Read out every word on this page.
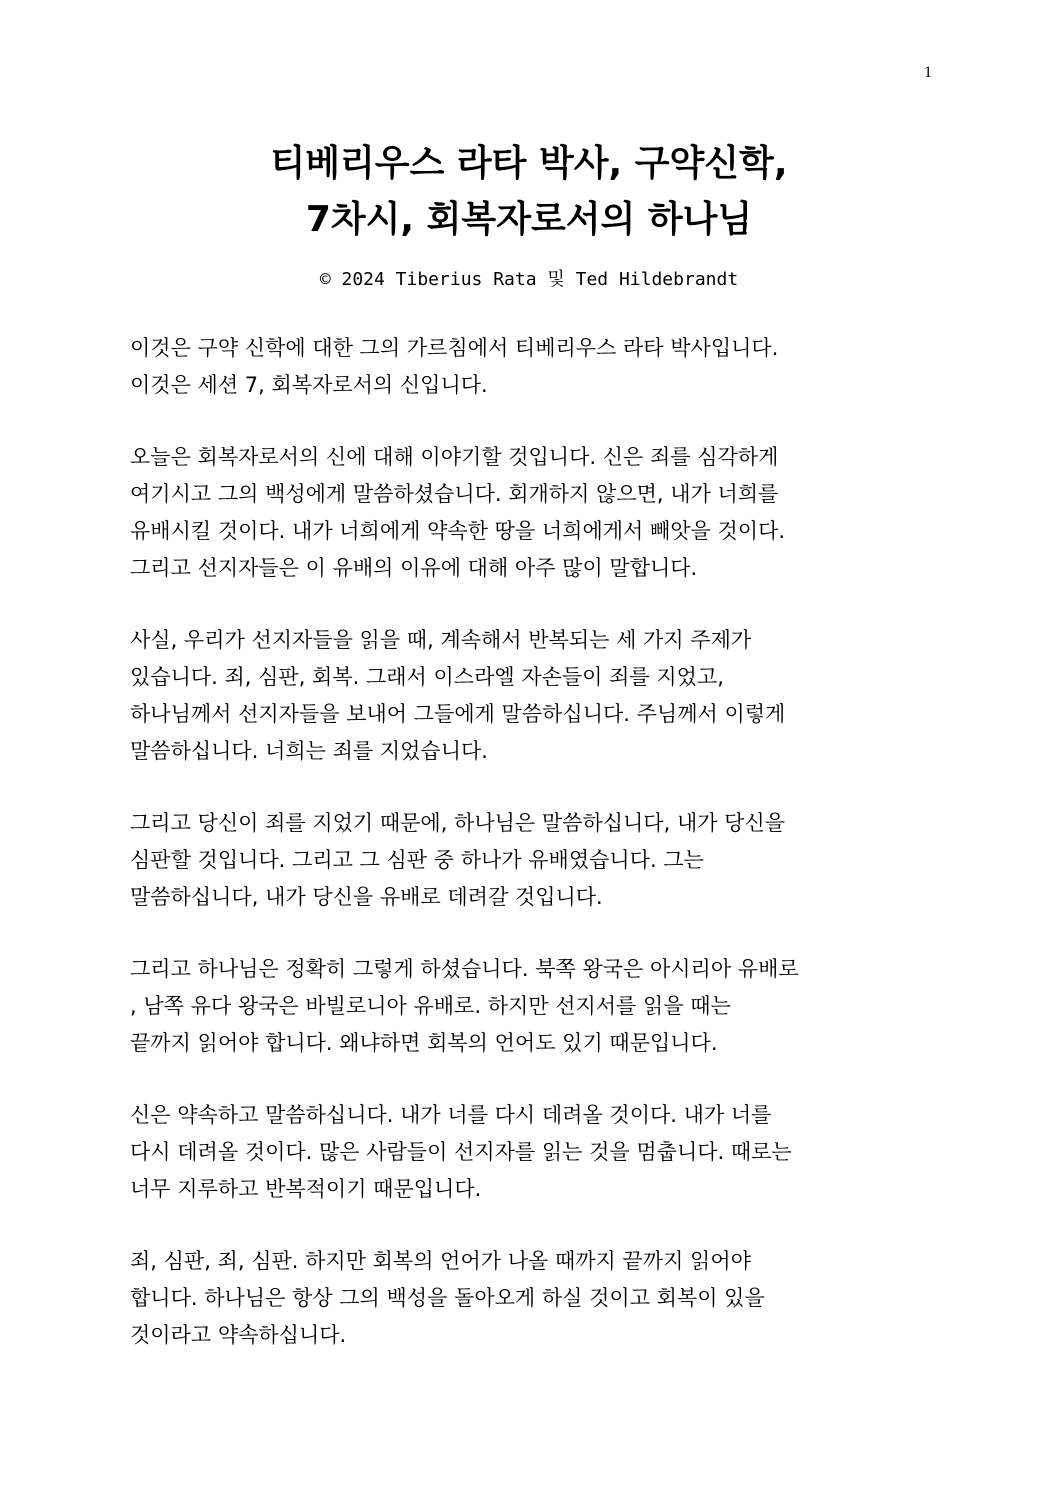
1
티베리우스 라타 박사, 구약신학,
7차시, 회복자로서의 하나님
© 2024 Tiberius Rata 및 Ted Hildebrandt

이것은 구약 신학에 대한 그의 가르침에서 티베리우스 라타 박사입니다.
이것은 세션 7, 회복자로서의 신입니다.

오늘은 회복자로서의 신에 대해 이야기할 것입니다. 신은 죄를 심각하게
여기시고 그의 백성에게 말씀하셨습니다. 회개하지 않으면, 내가 너희를
유배시킬 것이다. 내가 너희에게 약속한 땅을 너희에게서 빼앗을 것이다.
그리고 선지자들은 이 유배의 이유에 대해 아주 많이 말합니다.

사실, 우리가 선지자들을 읽을 때, 계속해서 반복되는 세 가지 주제가
있습니다. 죄, 심판, 회복. 그래서 이스라엘 자손들이 죄를 지었고,
하나님께서 선지자들을 보내어 그들에게 말씀하십니다. 주님께서 이렇게
말씀하십니다. 너희는 죄를 지었습니다.

그리고 당신이 죄를 지었기 때문에, 하나님은 말씀하십니다, 내가 당신을
심판할 것입니다. 그리고 그 심판 중 하나가 유배였습니다. 그는
말씀하십니다, 내가 당신을 유배로 데려갈 것입니다.

그리고 하나님은 정확히 그렇게 하셨습니다. 북쪽 왕국은 아시리아 유배로
, 남쪽 유다 왕국은 바빌로니아 유배로. 하지만 선지서를 읽을 때는
끝까지 읽어야 합니다. 왜냐하면 회복의 언어도 있기 때문입니다.

신은 약속하고 말씀하십니다. 내가 너를 다시 데려올 것이다. 내가 너를
다시 데려올 것이다. 많은 사람들이 선지자를 읽는 것을 멈춥니다. 때로는
너무 지루하고 반복적이기 때문입니다.

죄, 심판, 죄, 심판. 하지만 회복의 언어가 나올 때까지 끝까지 읽어야
합니다. 하나님은 항상 그의 백성을 돌아오게 하실 것이고 회복이 있을
것이라고 약속하십니다.
